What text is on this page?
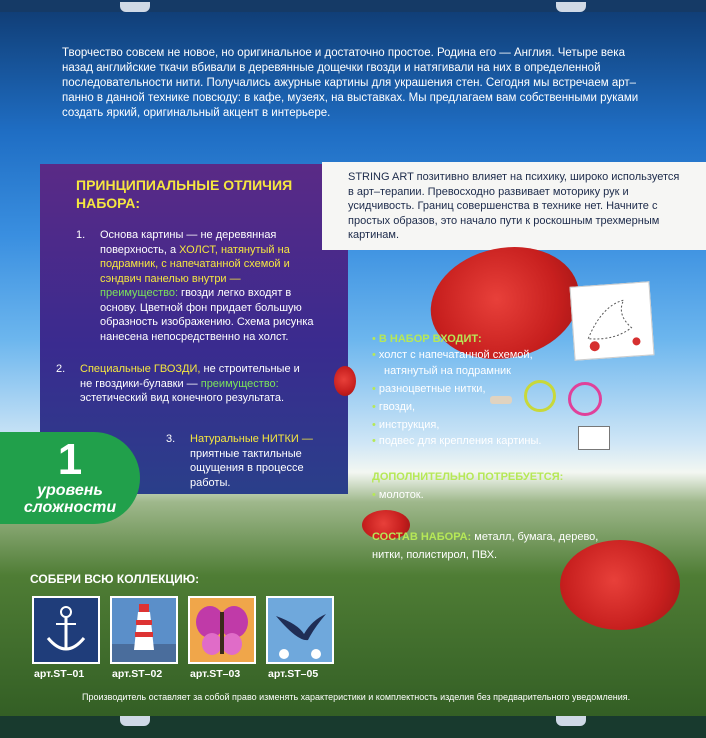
Творчество совсем не новое, но оригинальное и достаточно простое. Родина его — Англия. Четыре века назад английские ткачи вбивали в деревянные дощечки гвозди и натягивали на них в определенной последовательности нити. Получались ажурные картины для украшения стен. Сегодня мы встречаем арт–панно в данной технике повсюду: в кафе, музеях, на выставках. Мы предлагаем вам собственными руками создать яркий, оригинальный акцент в интерьере.
ПРИНЦИПИАЛЬНЫЕ ОТЛИЧИЯ НАБОРА:
1. Основа картины — не деревянная поверхность, а ХОЛСТ, натянутый на подрамник, с напечатанной схемой и сэндвич панелью внутри — преимущество: гвозди легко входят в основу. Цветной фон придает большую образность изображению. Схема рисунка нанесена непосредственно на холст.
2. Специальные ГВОЗДИ, не строительные и не гвоздики-булавки — преимущество: эстетический вид конечного результата.
3. Натуральные НИТКИ — приятные тактильные ощущения в процессе работы.
1
уровень
сложности
STRING ART позитивно влияет на психику, широко используется в арт–терапии. Превосходно развивает моторику рук и усидчивость. Границ совершенства в технике нет. Начните с простых образов, это начало пути к роскошным трехмерным картинам.
• В НАБОР ВХОДИТ:
• холст с напечатанной схемой,
натянутый на подрамник
• разноцветные нитки,
• гвозди,
• инструкция,
• подвес для крепления картины.
ДОПОЛНИТЕЛЬНО ПОТРЕБУЕТСЯ:
• молоток.
СОСТАВ НАБОРА: металл, бумага, дерево,
нитки, полистирол, ПВХ.
СОБЕРИ ВСЮ КОЛЛЕКЦИЮ:
арт.ST–01	арт.ST–02	арт.ST–03	арт.ST–05
Производитель оставляет за собой право изменять характеристики и комплектность изделия без предварительного уведомления.
